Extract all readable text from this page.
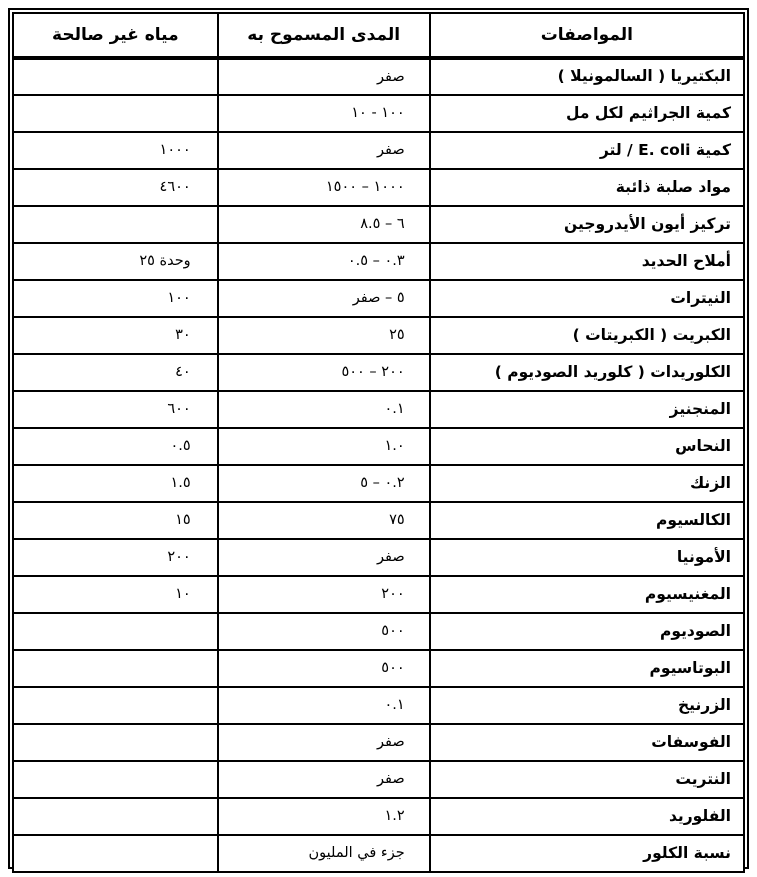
المواصفات	المدى المسموح به	مياه غير صالحة
البكتيريا ( السالمونيلا )	صفر	
كمية الجراثيم لكل مل	١٠٠ - ١٠	
كمية E. coli / لتر	صفر	١٠٠٠
مواد صلبة ذائبة	١٠٠٠ – ١٥٠٠	٤٦٠٠
تركيز أيون الأيدروجين	٦ – ٨.٥	
أملاح الحديد	٠.٣ – ٠.٥	وحدة ٢٥
النيترات	٥ – صفر	١٠٠
الكبريت ( الكبريتات )	٢٥	٣٠
الكلوريدات ( كلوريد الصوديوم )	٢٠٠ – ٥٠٠	٤٠
المنجنيز	٠.١	٦٠٠
النحاس	١.٠	٠.٥
الزنك	٠.٢ – ٥	١.٥
الكالسيوم	٧٥	١٥
الأمونيا	صفر	٢٠٠
المغنيسيوم	٢٠٠	١٠
الصوديوم	٥٠٠	
البوتاسيوم	٥٠٠	
الزرنيخ	٠.١	
الفوسفات	صفر	
النتريت	صفر	
الفلوريد	١.٢	
نسبة الكلور	جزء في المليون	
